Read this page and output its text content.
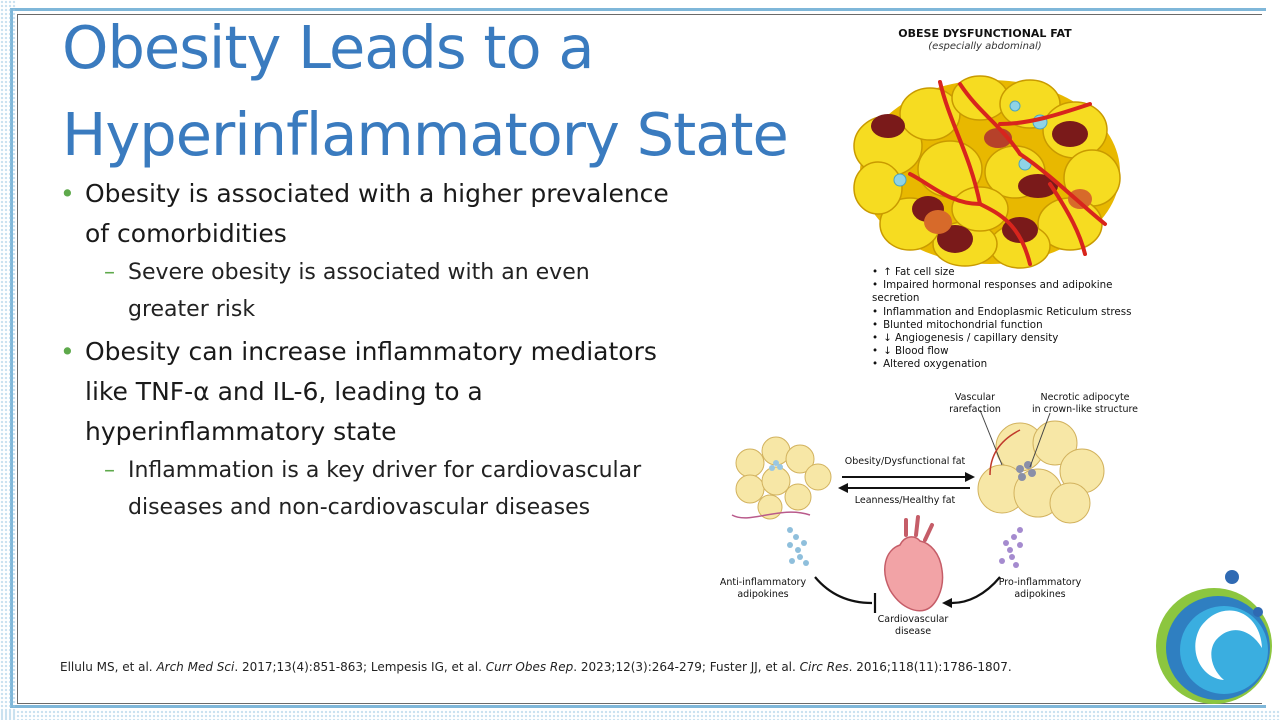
Obesity Leads to a
Hyperinflammatory State

• Obesity is associated with a higher prevalence
of comorbidities

– Severe obesity is associated with an even
greater risk

• Obesity can increase inflammatory mediators
like TNF-α and IL-6, leading to a
hyperinflammatory state

– Inflammation is a key driver for cardiovascular
diseases and non-cardiovascular diseases

OBESE DYSFUNCTIONAL FAT
(especially abdominal)
• ↑ Fat cell size
• Impaired hormonal responses and adipokine secretion
• Inflammation and Endoplasmic Reticulum stress
• Blunted mitochondrial function
• ↓ Angiogenesis / capillary density
• ↓ Blood flow
• Altered oxygenation
Vascular
rarefaction
Necrotic adipocyte
in crown-like structure
Obesity/Dysfunctional fat
Leanness/Healthy fat
Anti-inflammatory
adipokines
Pro-inflammatory
adipokines
Cardiovascular
disease
Ellulu MS, et al. Arch Med Sci. 2017;13(4):851-863; Lempesis IG, et al. Curr Obes Rep. 2023;12(3):264-279; Fuster JJ, et al. Circ Res. 2016;118(11):1786-1807.
